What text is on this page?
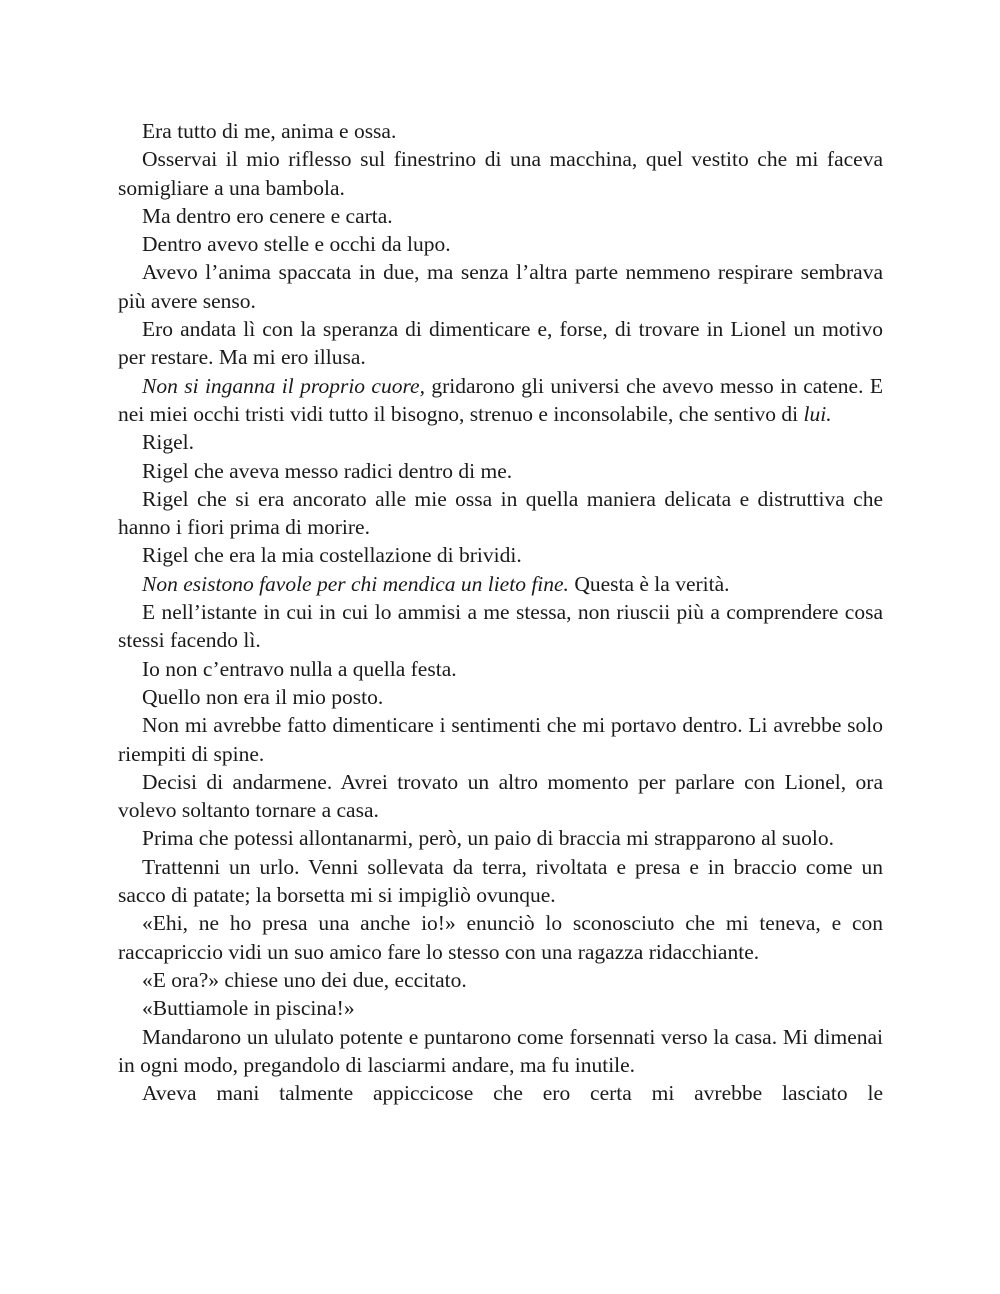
Era tutto di me, anima e ossa.

Osservai il mio riflesso sul finestrino di una macchina, quel vestito che mi faceva somigliare a una bambola.

Ma dentro ero cenere e carta.

Dentro avevo stelle e occhi da lupo.

Avevo l’anima spaccata in due, ma senza l’altra parte nemmeno respirare sembrava più avere senso.

Ero andata lì con la speranza di dimenticare e, forse, di trovare in Lionel un motivo per restare. Ma mi ero illusa.

Non si inganna il proprio cuore, gridarono gli universi che avevo messo in catene. E nei miei occhi tristi vidi tutto il bisogno, strenuo e inconsolabile, che sentivo di lui.

Rigel.

Rigel che aveva messo radici dentro di me.

Rigel che si era ancorato alle mie ossa in quella maniera delicata e distruttiva che hanno i fiori prima di morire.

Rigel che era la mia costellazione di brividi.

Non esistono favole per chi mendica un lieto fine. Questa è la verità.

E nell’istante in cui in cui lo ammisi a me stessa, non riuscii più a comprendere cosa stessi facendo lì.

Io non c’entravo nulla a quella festa.

Quello non era il mio posto.

Non mi avrebbe fatto dimenticare i sentimenti che mi portavo dentro. Li avrebbe solo riempiti di spine.

Decisi di andarmene. Avrei trovato un altro momento per parlare con Lionel, ora volevo soltanto tornare a casa.

Prima che potessi allontanarmi, però, un paio di braccia mi strapparono al suolo.

Trattenni un urlo. Venni sollevata da terra, rivoltata e presa e in braccio come un sacco di patate; la borsetta mi si impigliò ovunque.

«Ehi, ne ho presa una anche io!» enunciò lo sconosciuto che mi teneva, e con raccapriccio vidi un suo amico fare lo stesso con una ragazza ridacchiante.

«E ora?» chiese uno dei due, eccitato.

«Buttiamole in piscina!»

Mandarono un ululato potente e puntarono come forsennati verso la casa. Mi dimenai in ogni modo, pregandolo di lasciarmi andare, ma fu inutile.

Aveva mani talmente appiccicose che ero certa mi avrebbe lasciato le
